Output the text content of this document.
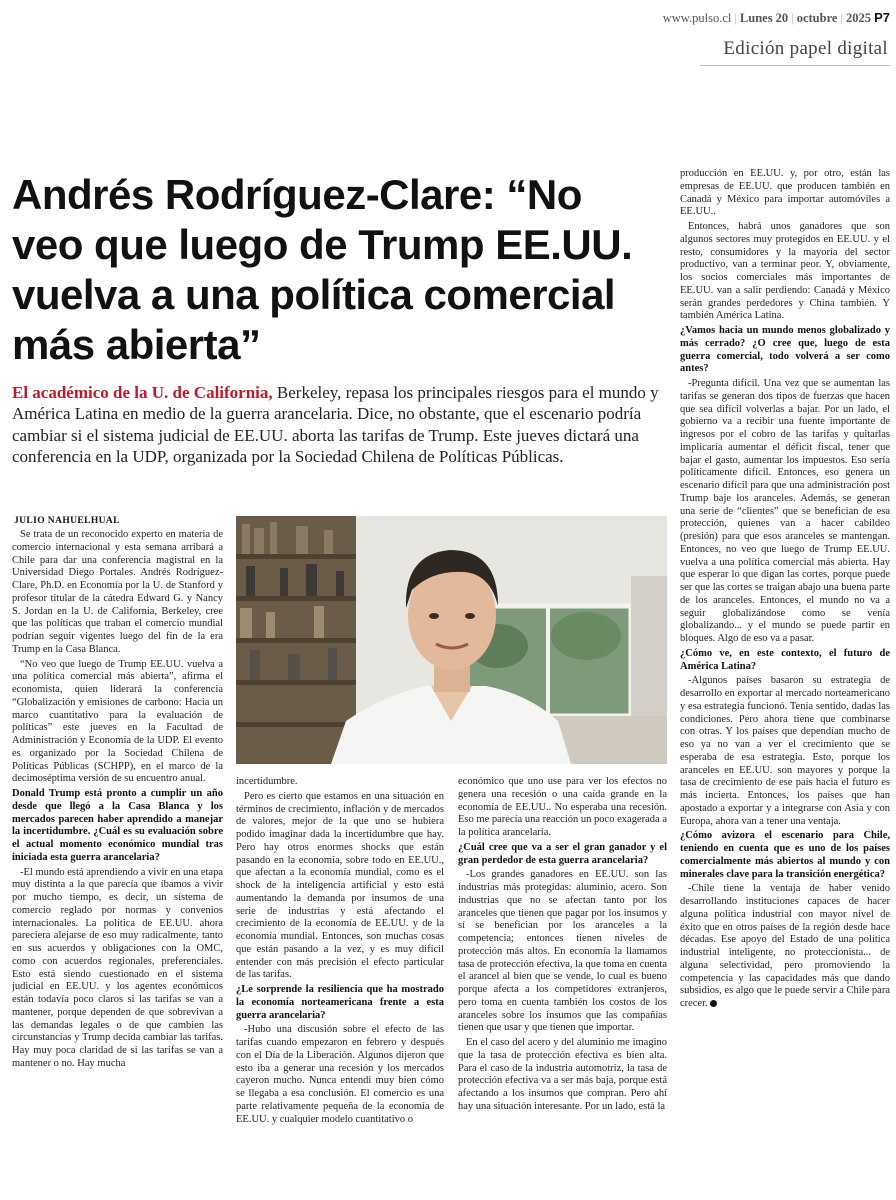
www.pulso.cl | Lunes 20 | octubre | 2025 P7
Edición papel digital
Andrés Rodríguez-Clare: “No veo que luego de Trump EE.UU. vuelva a una política comercial más abierta”

El académico de la U. de California, Berkeley, repasa los principales riesgos para el mundo y América Latina en medio de la guerra arancelaria. Dice, no obstante, que el escenario podría cambiar si el sistema judicial de EE.UU. aborta las tarifas de Trump. Este jueves dictará una conferencia en la UDP, organizada por la Sociedad Chilena de Políticas Públicas.

JULIO NAHUELHUAL

Se trata de un reconocido experto en materia de comercio internacional y esta semana arribará a Chile para dar una conferencia magistral en la Universidad Diego Portales. Andrés Rodríguez-Clare, Ph.D. en Economía por la U. de Stanford y profesor titular de la cátedra Edward G. y Nancy S. Jordan en la U. de California, Berkeley, cree que las políticas que traban el comercio mundial podrían seguir vigentes luego del fin de la era Trump en la Casa Blanca.

“No veo que luego de Trump EE.UU. vuelva a una política comercial más abierta”, afirma el economista, quien liderará la conferencia “Globalización y emisiones de carbono: Hacia un marco cuantitativo para la evaluación de políticas” este jueves en la Facultad de Administración y Economía de la UDP. El evento es organizado por la Sociedad Chilena de Políticas Públicas (SCHPP), en el marco de la decimoséptima versión de su encuentro anual.

Donald Trump está pronto a cumplir un año desde que llegó a la Casa Blanca y los mercados parecen haber aprendido a manejar la incertidumbre. ¿Cuál es su evaluación sobre el actual momento económico mundial tras iniciada esta guerra arancelaria?

-El mundo está aprendiendo a vivir en una etapa muy distinta a la que parecía que íbamos a vivir por mucho tiempo, es decir, un sistema de comercio reglado por normas y convenios internacionales. La política de EE.UU. ahora pareciera alejarse de eso muy radicalmente, tanto en sus acuerdos y obligaciones con la OMC, como con acuerdos regionales, preferenciales. Esto está siendo cuestionado en el sistema judicial en EE.UU. y los agentes económicos están todavía poco claros si las tarifas se van a mantener, porque dependen de que sobrevivan a las demandas legales o de que cambien las circunstancias y Trump decida cambiar las tarifas. Hay muy poca claridad de si las tarifas se van a mantener o no. Hay mucha

incertidumbre.

Pero es cierto que estamos en una situación en términos de crecimiento, inflación y de mercados de valores, mejor de la que uno se hubiera podido imaginar dada la incertidumbre que hay. Pero hay otros enormes shocks que están pasando en la economía, sobre todo en EE.UU., que afectan a la economía mundial, como es el shock de la inteligencia artificial y esto está aumentando la demanda por insumos de una serie de industrias y está afectando el crecimiento de la economía de EE.UU. y de la economía mundial. Entonces, son muchas cosas que están pasando a la vez, y es muy difícil entender con más precisión el efecto particular de las tarifas.

¿Le sorprende la resiliencia que ha mostrado la economía norteamericana frente a esta guerra arancelaria?

-Hubo una discusión sobre el efecto de las tarifas cuando empezaron en febrero y después con el Día de la Liberación. Algunos dijeron que esto iba a generar una recesión y los mercados cayeron mucho. Nunca entendí muy bien cómo se llegaba a esa conclusión. El comercio es una parte relativamente pequeña de la economía de EE.UU. y cualquier modelo cuantitativo o

económico que uno use para ver los efectos no genera una recesión o una caída grande en la economía de EE.UU.. No esperaba una recesión. Eso me parecía una reacción un poco exagerada a la política arancelaria.

¿Cuál cree que va a ser el gran ganador y el gran perdedor de esta guerra arancelaria?

-Los grandes ganadores en EE.UU. son las industrias más protegidas: aluminio, acero. Son industrias que no se afectan tanto por los aranceles que tienen que pagar por los insumos y sí se benefician por los aranceles a la competencia; entonces tienen niveles de protección más altos. En economía la llamamos tasa de protección efectiva, la que toma en cuenta el arancel al bien que se vende, lo cual es bueno porque afecta a los competidores extranjeros, pero toma en cuenta también los costos de los aranceles sobre los insumos que las compañías tienen que usar y que tienen que importar.

En el caso del acero y del aluminio me imagino que la tasa de protección efectiva es bien alta. Para el caso de la industria automotriz, la tasa de protección efectiva va a ser más baja, porque está afectando a los insumos que compran. Pero ahí hay una situación interesante. Por un lado, está la

producción en EE.UU. y, por otro, están las empresas de EE.UU. que producen también en Canadá y México para importar automóviles a EE.UU..

Entonces, habrá unos ganadores que son algunos sectores muy protegidos en EE.UU. y el resto, consumidores y la mayoría del sector productivo, van a terminar peor. Y, obviamente, los socios comerciales más importantes de EE.UU. van a salir perdiendo: Canadá y México serán grandes perdedores y China también. Y también América Latina.

¿Vamos hacia un mundo menos globalizado y más cerrado? ¿O cree que, luego de esta guerra comercial, todo volverá a ser como antes?

-Pregunta difícil. Una vez que se aumentan las tarifas se generan dos tipos de fuerzas que hacen que sea difícil volverlas a bajar. Por un lado, el gobierno va a recibir una fuente importante de ingresos por el cobro de las tarifas y quitarlas implicaría aumentar el déficit fiscal, tener que bajar el gasto, aumentar los impuestos. Eso sería políticamente difícil. Entonces, eso genera un escenario difícil para que una administración post Trump baje los aranceles. Además, se generan una serie de “clientes” que se benefician de esa protección, quienes van a hacer cabildeo (presión) para que esos aranceles se mantengan. Entonces, no veo que luego de Trump EE.UU. vuelva a una política comercial más abierta. Hay que esperar lo que digan las cortes, porque puede ser que las cortes se traigan abajo una buena parte de los aranceles. Entonces, el mundo no va a seguir globalizándose como se venía globalizando... y el mundo se puede partir en bloques. Algo de eso va a pasar.

¿Cómo ve, en este contexto, el futuro de América Latina?

-Algunos países basaron su estrategia de desarrollo en exportar al mercado norteamericano y esa estrategia funcionó. Tenía sentido, dadas las condiciones. Pero ahora tiene que combinarse con otras. Y los países que dependían mucho de eso ya no van a ver el crecimiento que se esperaba de esa estrategia. Esto, porque los aranceles en EE.UU. son mayores y porque la tasa de crecimiento de ese país hacia el futuro es más incierta. Entonces, los países que han apostado a exportar y a integrarse con Asia y con Europa, ahora van a tener una ventaja.

¿Cómo avizora el escenario para Chile, teniendo en cuenta que es uno de los países comercialmente más abiertos al mundo y con minerales clave para la transición energética?

-Chile tiene la ventaja de haber venido desarrollando instituciones capaces de hacer alguna política industrial con mayor nivel de éxito que en otros países de la región desde hace décadas. Ese apoyo del Estado de una política industrial inteligente, no proteccionista... de alguna selectividad, pero promoviendo la competencia y las capacidades más que dando subsidios, es algo que le puede servir a Chile para crecer.
